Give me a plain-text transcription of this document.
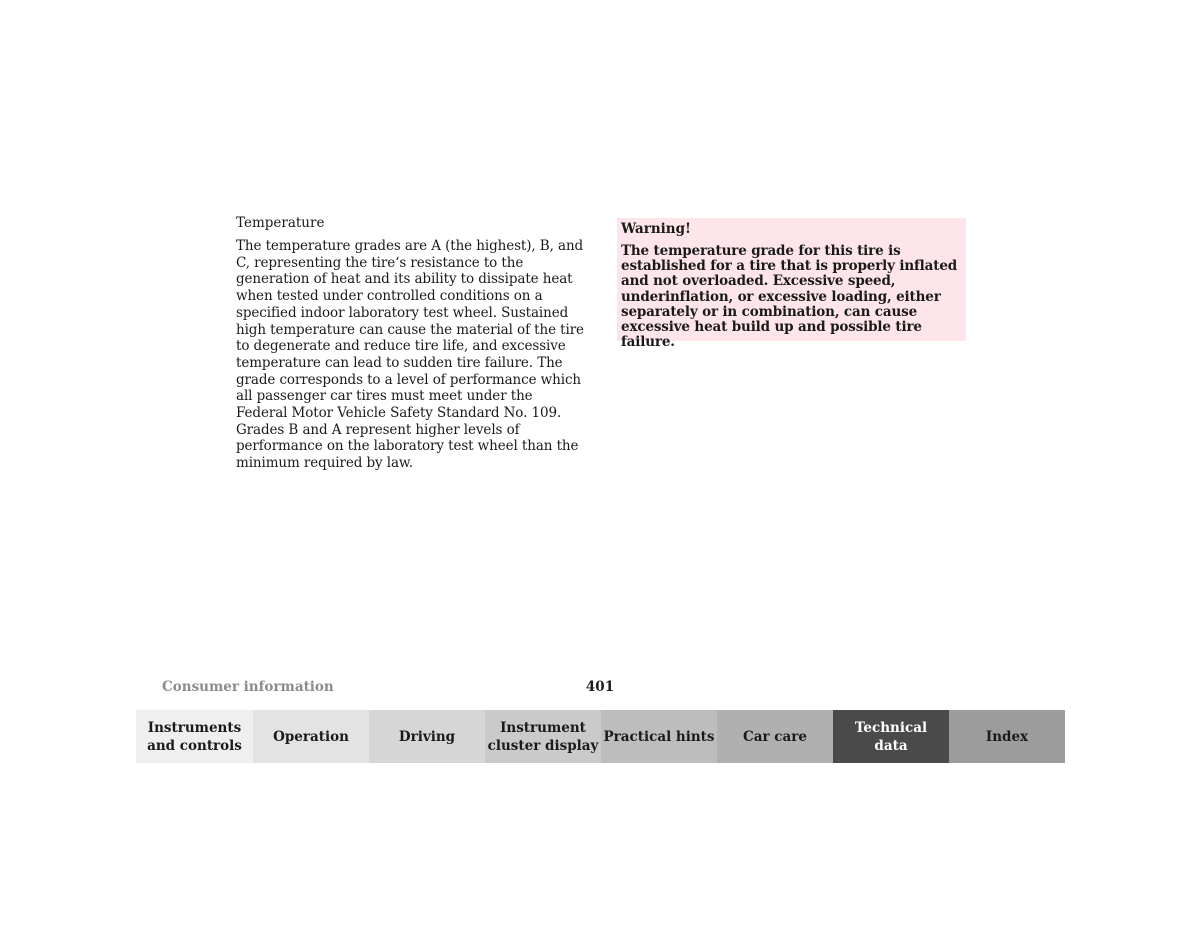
Temperature

The temperature grades are A (the highest), B, and C, representing the tire‘s resistance to the generation of heat and its ability to dissipate heat when tested under controlled conditions on a specified indoor laboratory test wheel. Sustained high temperature can cause the material of the tire to degenerate and reduce tire life, and excessive temperature can lead to sudden tire failure. The grade corresponds to a level of performance which all passenger car tires must meet under the Federal Motor Vehicle Safety Standard No. 109. Grades B and A represent higher levels of performance on the laboratory test wheel than the minimum required by law.

Warning!

The temperature grade for this tire is established for a tire that is properly inflated and not overloaded. Excessive speed, underinflation, or excessive loading, either separately or in combination, can cause excessive heat build up and possible tire failure.

Consumer information	401
Instruments
and controls
Operation	Driving
Instrument
cluster display
Practical hints Car care
Technical
data
Index
